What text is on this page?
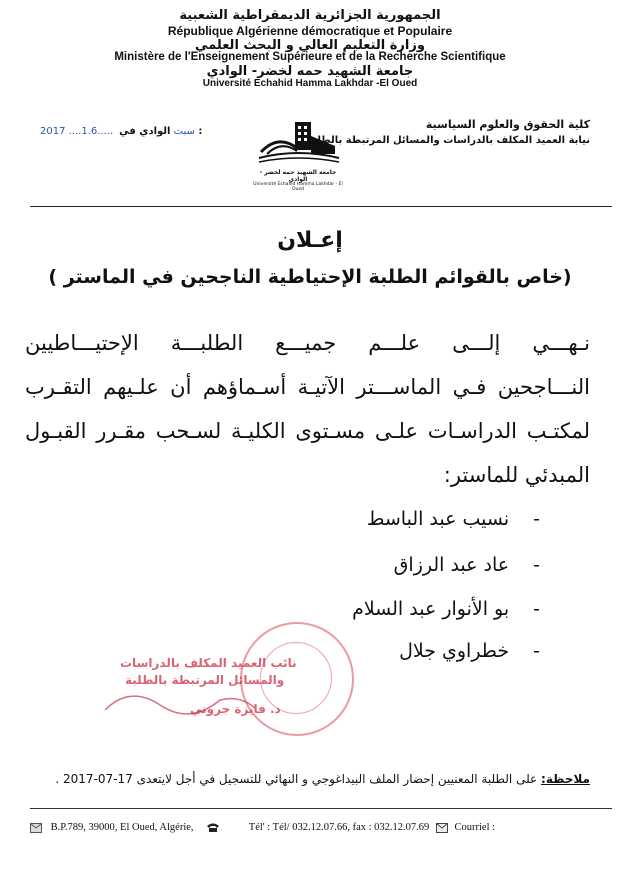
الجمهورية الجزائرية الديمقراطية الشعبية
République Algérienne démocratique et Populaire
وزارة التعليم العالي و البحث العلمي
Ministère de l'Enseignement Supérieure et de la Recherche Scientifique
جامعة الشهيد حمه لخضر- الوادي
Université Echahid Hamma Lakhdar -El Oued
2017 ....1.6.....سبت الوادي في :
جامعة الشهيد حمه لخضر - الوادي
Université Echahid Hamma Lakhdar - El Oued
كلية الحقوق والعلوم السياسية
نيابة العميد المكلف بالدراسات والمسائل المرتبطة بالطلبة
إعـلان
(خاص بالقوائم الطلبة الإحتياطية الناجحين في الماستر )
نـهـــي إلـــى علـــم جميـــع الطلبـــة الإحتيـــاطيين
النـــاجحين فـي الماســـتر الآتيـة أسـماؤهم أن علـيهم التقـرب
لمكتـب الدراسـات علـى مسـتوى الكليـة لسـحب مقـرر القبـول
المبدئي للماستر:
-نسيب عبد الباسط
-عاد عبد الرزاق
-بو الأنوار عبد السلام
-خطراوي جلال
نائب العميد المكلف بالدراسات
والمسائل المرتبطة بالطلبة
د. فايزة جروني
ملاحظة: على الطلبة المعنيين إحضار الملف البيداغوجي و النهائي للتسجيل في أجل لايتعدى 17-07-2017 .
B.P.789, 39000, El Oued, Algérie,	Tél' : Tél/ 032.12.07.66, fax : 032.12.07.69 Courriel :
